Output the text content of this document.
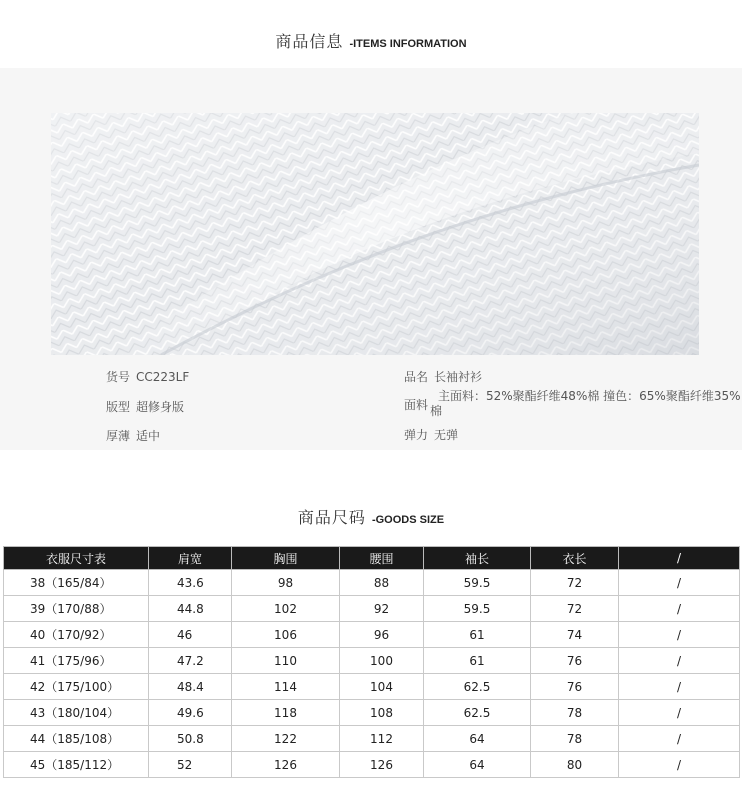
商品信息 -ITEMS INFORMATION
货号 CC223LF
版型 超修身版
厚薄 适中
品名 长袖衬衫
面料
主面料：52%聚酯纤维48%棉 撞色：65%聚酯纤维35%棉
弹力 无弹
商品尺码 -GOODS SIZE
衣服尺寸表	肩宽	胸围	腰围	袖长	衣长	/
38（165/84）	43.6	98	88	59.5	72	/
39（170/88）	44.8	102	92	59.5	72	/
40（170/92）	46	106	96	61	74	/
41（175/96）	47.2	110	100	61	76	/
42（175/100）	48.4	114	104	62.5	76	/
43（180/104）	49.6	118	108	62.5	78	/
44（185/108）	50.8	122	112	64	78	/
45（185/112）	52	126	126	64	80	/
